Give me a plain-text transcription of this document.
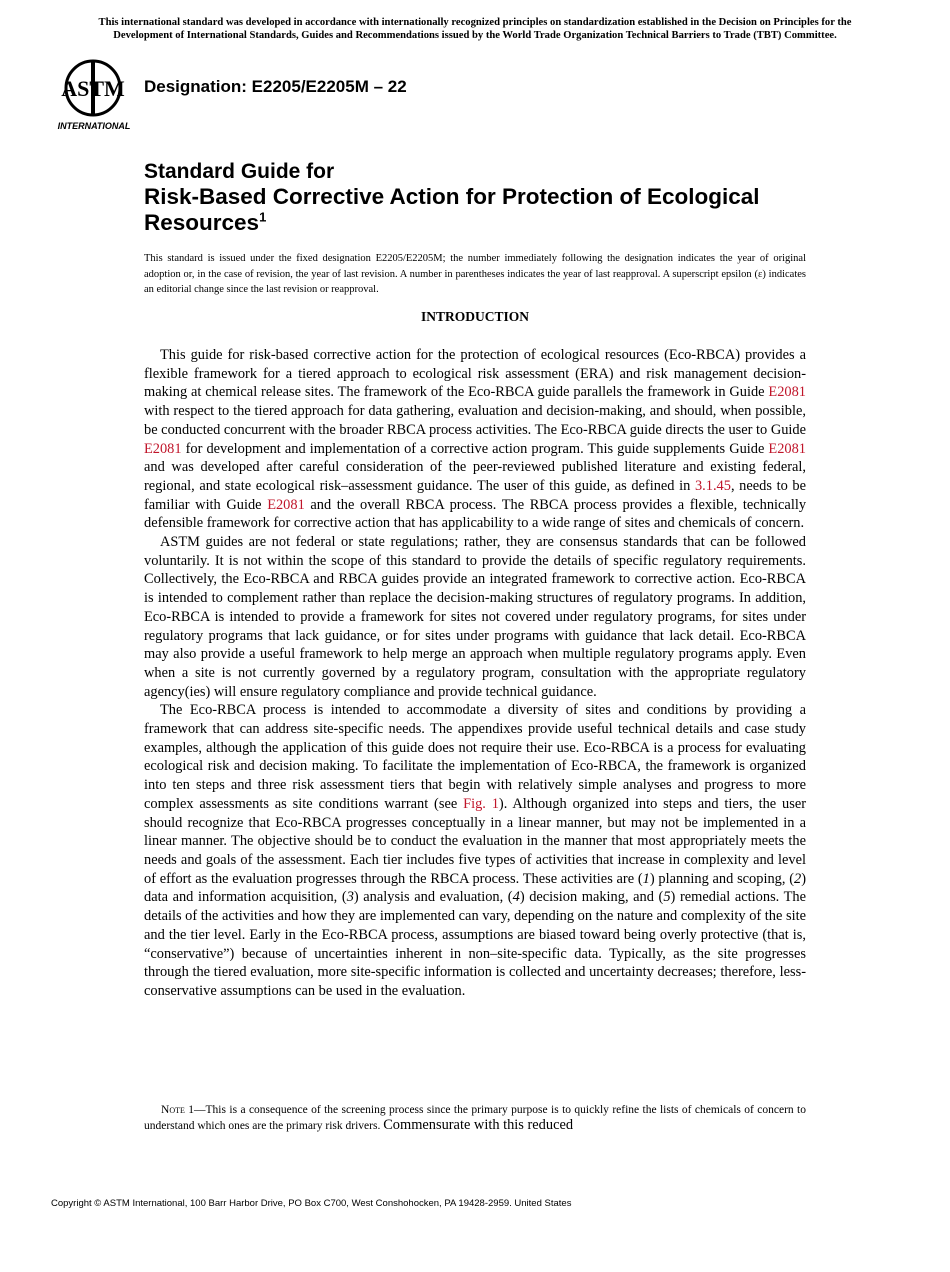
This international standard was developed in accordance with internationally recognized principles on standardization established in the Decision on Principles for the
Development of International Standards, Guides and Recommendations issued by the World Trade Organization Technical Barriers to Trade (TBT) Committee.
ASTM
INTERNATIONAL
Designation: E2205/E2205M – 22
Standard Guide for
Risk-Based Corrective Action for Protection of Ecological Resources$^1$
This standard is issued under the fixed designation E2205/E2205M; the number immediately following the designation indicates the year of original adoption or, in the case of revision, the year of last revision. A number in parentheses indicates the year of last reapproval. A superscript epsilon (ε) indicates an editorial change since the last revision or reapproval.
INTRODUCTION

This guide for risk-based corrective action for the protection of ecological resources (Eco-RBCA) provides a flexible framework for a tiered approach to ecological risk assessment (ERA) and risk management decision-making at chemical release sites. The framework of the Eco-RBCA guide parallels the framework in Guide E2081 with respect to the tiered approach for data gathering, evaluation and decision-making, and should, when possible, be conducted concurrent with the broader RBCA process activities. The Eco-RBCA guide directs the user to Guide E2081 for development and implementation of a corrective action program. This guide supplements Guide E2081 and was developed after careful consideration of the peer-reviewed published literature and existing federal, regional, and state ecological risk–assessment guidance. The user of this guide, as defined in 3.1.45, needs to be familiar with Guide E2081 and the overall RBCA process. The RBCA process provides a flexible, technically defensible framework for corrective action that has applicability to a wide range of sites and chemicals of concern.

ASTM guides are not federal or state regulations; rather, they are consensus standards that can be followed voluntarily. It is not within the scope of this standard to provide the details of specific regulatory requirements. Collectively, the Eco-RBCA and RBCA guides provide an integrated framework to corrective action. Eco-RBCA is intended to complement rather than replace the decision-making structures of regulatory programs. In addition, Eco-RBCA is intended to provide a framework for sites not covered under regulatory programs, for sites under regulatory programs that lack guidance, or for sites under programs with guidance that lack detail. Eco-RBCA may also provide a useful framework to help merge an approach when multiple regulatory programs apply. Even when a site is not currently governed by a regulatory program, consultation with the appropriate regulatory agency(ies) will ensure regulatory compliance and provide technical guidance.

The Eco-RBCA process is intended to accommodate a diversity of sites and conditions by providing a framework that can address site-specific needs. The appendixes provide useful technical details and case study examples, although the application of this guide does not require their use. Eco-RBCA is a process for evaluating ecological risk and decision making. To facilitate the implementation of Eco-RBCA, the framework is organized into ten steps and three risk assessment tiers that begin with relatively simple analyses and progress to more complex assessments as site conditions warrant (see Fig. 1). Although organized into steps and tiers, the user should recognize that Eco-RBCA progresses conceptually in a linear manner, but may not be implemented in a linear manner. The objective should be to conduct the evaluation in the manner that most appropriately meets the needs and goals of the assessment. Each tier includes five types of activities that increase in complexity and level of effort as the evaluation progresses through the RBCA process. These activities are (1) planning and scoping, (2) data and information acquisition, (3) analysis and evaluation, (4) decision making, and (5) remedial actions. The details of the activities and how they are implemented can vary, depending on the nature and complexity of the site and the tier level. Early in the Eco-RBCA process, assumptions are biased toward being overly protective (that is, “conservative”) because of uncertainties inherent in non–site-specific data. Typically, as the site progresses through the tiered evaluation, more site-specific information is collected and uncertainty decreases; therefore, less-conservative assumptions can be used in the evaluation.

Note 1—This is a consequence of the screening process since the primary purpose is to quickly refine the lists of chemicals of concern to understand which ones are the primary risk drivers. Commensurate with this reduced
Copyright © ASTM International, 100 Barr Harbor Drive, PO Box C700, West Conshohocken, PA 19428-2959. United States
